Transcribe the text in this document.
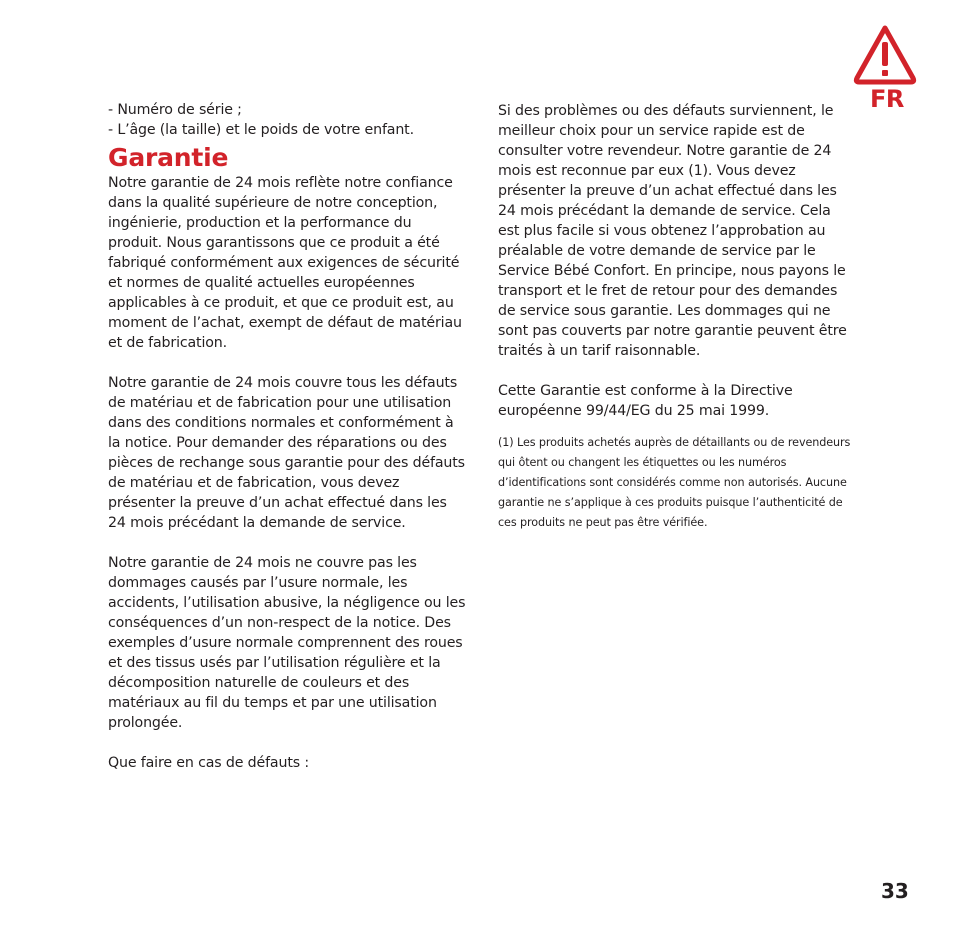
FR
- Numéro de série ;
- L’âge (la taille) et le poids de votre enfant.
Garantie

Notre garantie de 24 mois reflète notre confiance dans la qualité supérieure de notre conception, ingénierie, production et la performance du produit. Nous garantissons que ce produit a été fabriqué conformément aux exigences de sécurité et normes de qualité actuelles européennes applicables à ce produit, et que ce produit est, au moment de l’achat, exempt de défaut de matériau et de fabrication.

Notre garantie de 24 mois couvre tous les défauts de matériau et de fabrication pour une utilisation dans des conditions normales et conformément à la notice. Pour demander des réparations ou des pièces de rechange sous garantie pour des défauts de matériau et de fabrication, vous devez présenter la preuve d’un achat effectué dans les 24 mois précédant la demande de service.

Notre garantie de 24 mois ne couvre pas les dommages causés par l’usure normale, les accidents, l’utilisation abusive, la négligence ou les conséquences d’un non-respect de la notice. Des exemples d’usure normale comprennent des roues et des tissus usés par l’utilisation régulière et la décomposition naturelle de couleurs et des matériaux au fil du temps et par une utilisation prolongée.

Que faire en cas de défauts :

Si des problèmes ou des défauts surviennent, le meilleur choix pour un service rapide est de consulter votre revendeur. Notre garantie de 24 mois est reconnue par eux (1). Vous devez présenter la preuve d’un achat effectué dans les 24 mois précédant la demande de service. Cela est plus facile si vous obtenez l’approbation au préalable de votre demande de service par le Service Bébé Confort. En principe, nous payons le transport et le fret de retour pour des demandes de service sous garantie. Les dommages qui ne sont pas couverts par notre garantie peuvent être traités à un tarif raisonnable.

Cette Garantie est conforme à la Directive européenne 99/44/EG du 25 mai 1999.

(1) Les produits achetés auprès de détaillants ou de revendeurs qui ôtent ou changent les étiquettes ou les numéros d’identifications sont considérés comme non autorisés. Aucune garantie ne s’applique à ces produits puisque l’authenticité de ces produits ne peut pas être vérifiée.

33
